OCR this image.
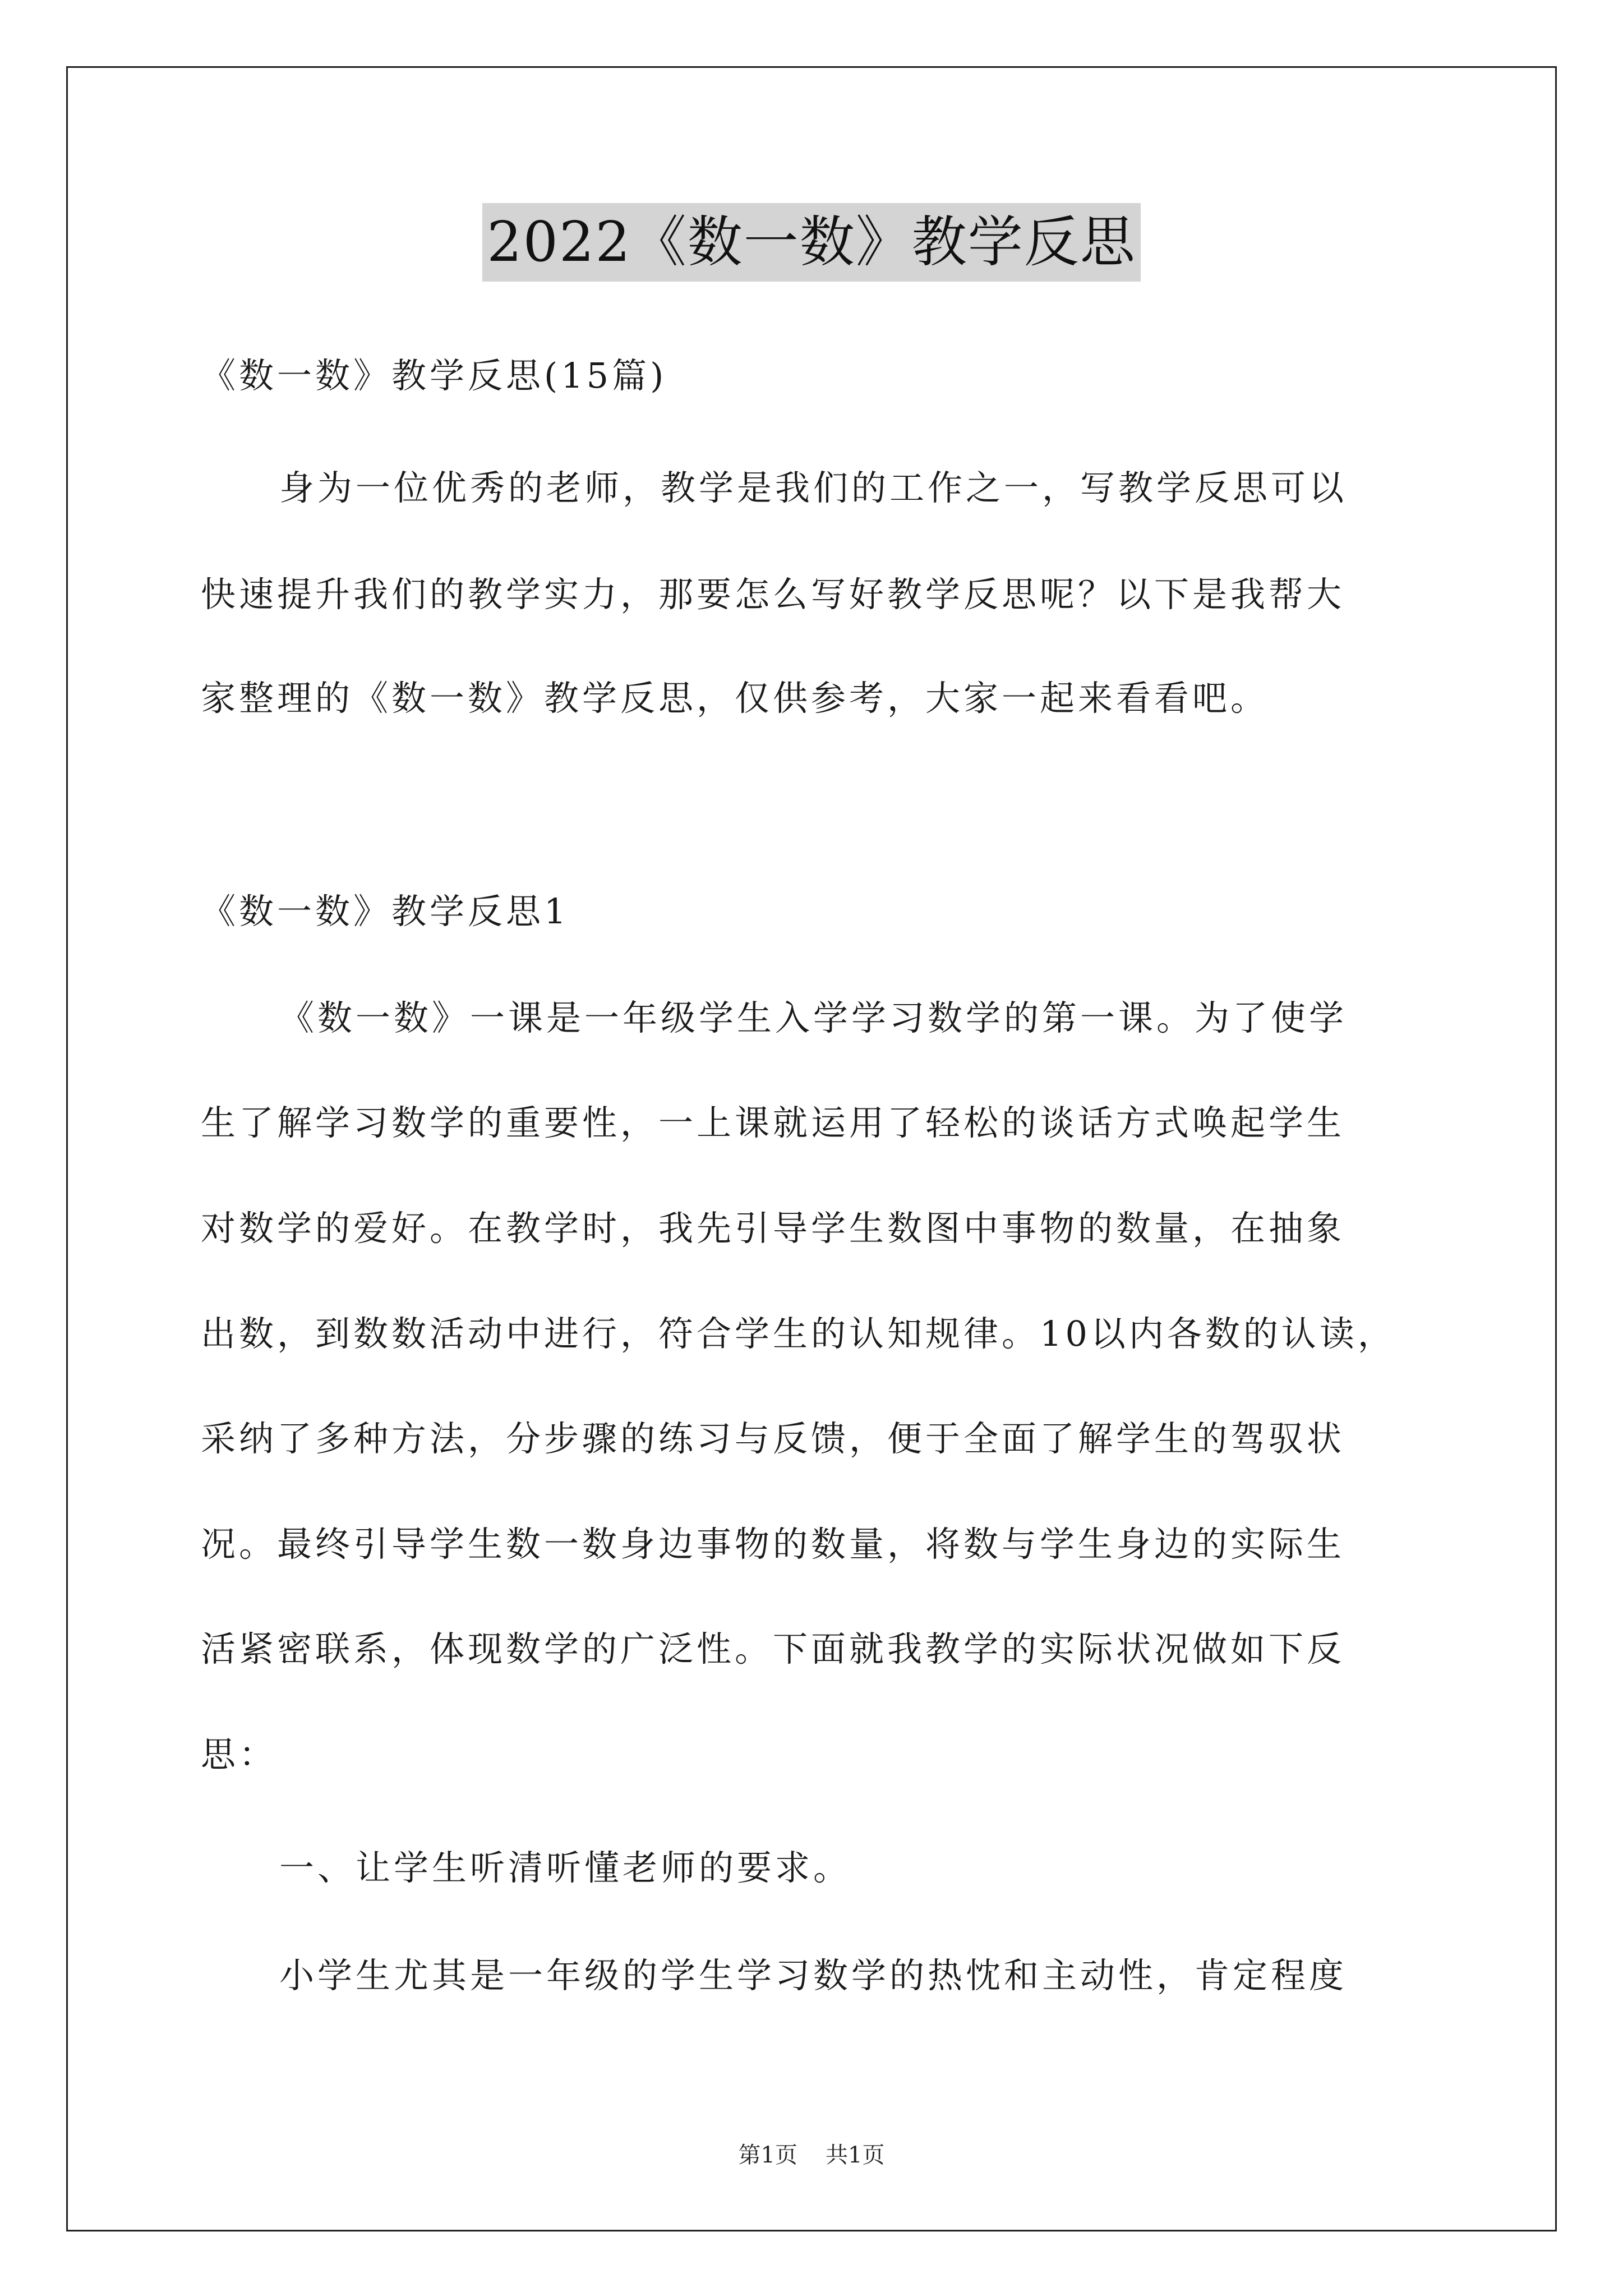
2022《数一数》教学反思
《数一数》教学反思(15篇)
身为一位优秀的老师，教学是我们的工作之一，写教学反思可以
快速提升我们的教学实力，那要怎么写好教学反思呢？以下是我帮大
家整理的《数一数》教学反思，仅供参考，大家一起来看看吧。
《数一数》教学反思1
《数一数》一课是一年级学生入学学习数学的第一课。为了使学
生了解学习数学的重要性，一上课就运用了轻松的谈话方式唤起学生
对数学的爱好。在教学时，我先引导学生数图中事物的数量，在抽象
出数，到数数活动中进行，符合学生的认知规律。10以内各数的认读，
采纳了多种方法，分步骤的练习与反馈，便于全面了解学生的驾驭状
况。最终引导学生数一数身边事物的数量，将数与学生身边的实际生
活紧密联系，体现数学的广泛性。下面就我教学的实际状况做如下反
思：
一、让学生听清听懂老师的要求。
小学生尤其是一年级的学生学习数学的热忱和主动性，肯定程度
第1页 共1页
